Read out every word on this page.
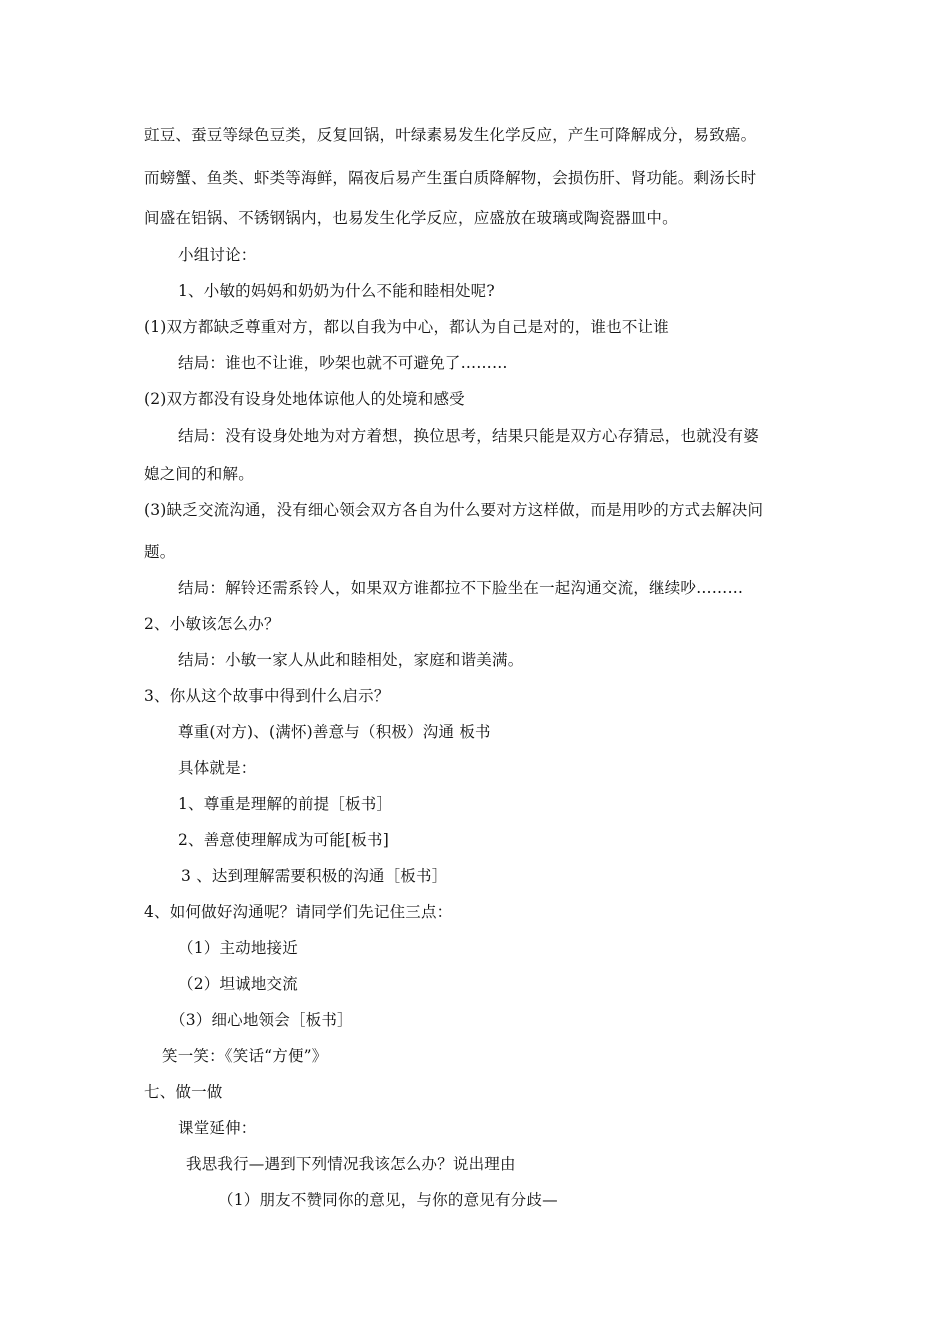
豇豆、蚕豆等绿色豆类，反复回锅，叶绿素易发生化学反应，产生可降解成分，易致癌。
而螃蟹、鱼类、虾类等海鲜，隔夜后易产生蛋白质降解物，会损伤肝、肾功能。剩汤长时
间盛在铝锅、不锈钢锅内，也易发生化学反应，应盛放在玻璃或陶瓷器皿中。
小组讨论：
1、小敏的妈妈和奶奶为什么不能和睦相处呢?
(1)双方都缺乏尊重对方，都以自我为中心，都认为自己是对的，谁也不让谁
结局：谁也不让谁，吵架也就不可避免了………
(2)双方都没有设身处地体谅他人的处境和感受
结局：没有设身处地为对方着想，换位思考，结果只能是双方心存猜忌，也就没有婆
媳之间的和解。
(3)缺乏交流沟通，没有细心领会双方各自为什么要对方这样做，而是用吵的方式去解决问
题。
结局：解铃还需系铃人，如果双方谁都拉不下脸坐在一起沟通交流，继续吵………
2、小敏该怎么办？
结局：小敏一家人从此和睦相处，家庭和谐美满。
3、你从这个故事中得到什么启示？
尊重(对方)、(满怀)善意与（积极）沟通 板书
具体就是：
1、尊重是理解的前提［板书］
2、善意使理解成为可能[板书]
3 、达到理解需要积极的沟通［板书］
4、如何做好沟通呢？请同学们先记住三点：
（1）主动地接近
（2）坦诚地交流
（3）细心地领会［板书］
笑一笑：《笑话“方便”》
七、做一做
课堂延伸：
我思我行—遇到下列情况我该怎么办？说出理由
（1）朋友不赞同你的意见，与你的意见有分歧—
